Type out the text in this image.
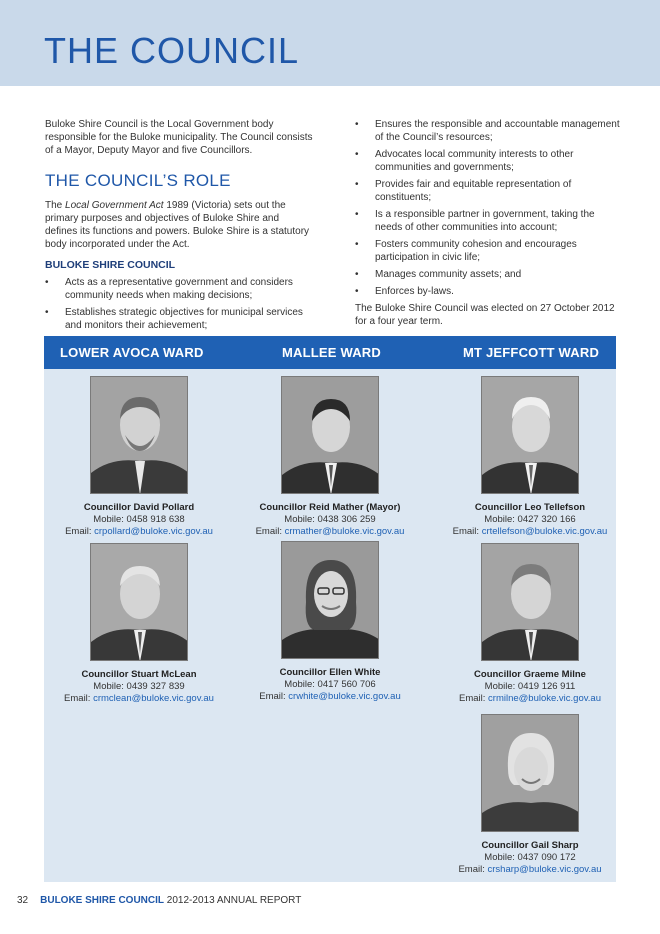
THE COUNCIL

Buloke Shire Council is the Local Government body responsible for the Buloke municipality. The Council consists of a Mayor, Deputy Mayor and five Councillors.

THE COUNCIL’S ROLE

The Local Government Act 1989 (Victoria) sets out the primary purposes and objectives of Buloke Shire and defines its functions and powers. Buloke Shire is a statutory body incorporated under the Act.

BULOKE SHIRE COUNCIL
• Acts as a representative government and considers community needs when making decisions;
• Establishes strategic objectives for municipal services and monitors their achievement;
• Ensures the responsible and accountable management of the Council’s resources;
• Advocates local community interests to other communities and governments;
• Provides fair and equitable representation of constituents;
• Is a responsible partner in government, taking the needs of other communities into account;
• Fosters community cohesion and encourages participation in civic life;
• Manages community assets; and
• Enforces by-laws.

The Buloke Shire Council was elected on 27 October 2012 for a four year term.

LOWER AVOCA WARD	MALLEE WARD	MT JEFFCOTT WARD
Councillor David Pollard
Mobile: 0458 918 638
Email: crpollard@buloke.vic.gov.au
Councillor Reid Mather (Mayor)
Mobile: 0438 306 259
Email: crmather@buloke.vic.gov.au
Councillor Leo Tellefson
Mobile: 0427 320 166
Email: crtellefson@buloke.vic.gov.au
Councillor Stuart McLean
Mobile: 0439 327 839
Email: crmclean@buloke.vic.gov.au
Councillor Ellen White
Mobile: 0417 560 706
Email: crwhite@buloke.vic.gov.au
Councillor Graeme Milne
Mobile: 0419 126 911
Email: crmilne@buloke.vic.gov.au
Councillor Gail Sharp
Mobile: 0437 090 172
Email: crsharp@buloke.vic.gov.au
32 BULOKE SHIRE COUNCIL 2012-2013 ANNUAL REPORT
